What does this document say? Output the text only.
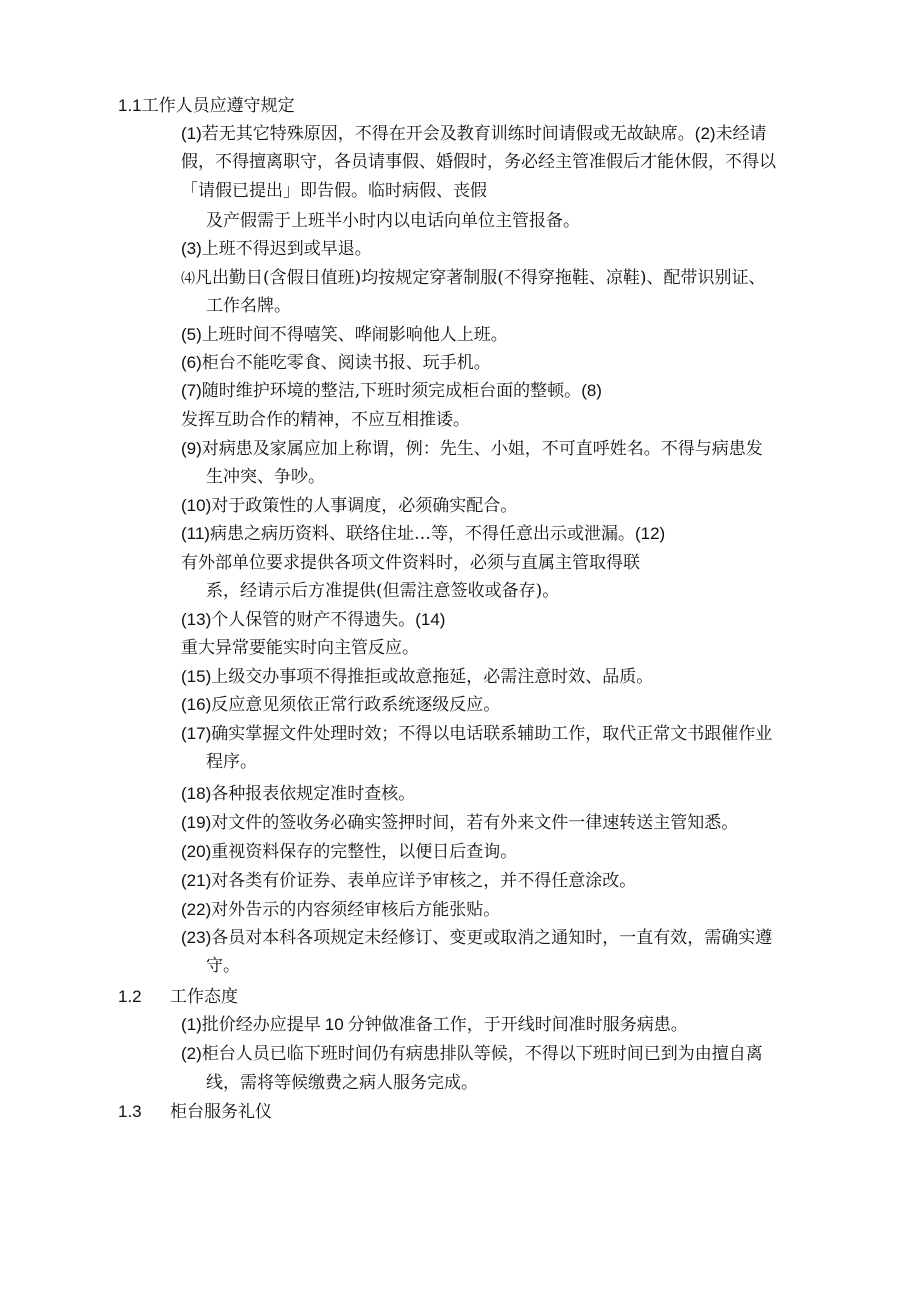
1.1工作人员应遵守规定
(1)若无其它特殊原因，不得在开会及教育训练时间请假或无故缺席。(2)未经请
假，不得擅离职守，各员请事假、婚假时，务必经主管准假后才能休假，不得以
「请假已提出」即告假。临时病假、丧假
及产假需于上班半小时内以电话向单位主管报备。
(3)上班不得迟到或早退。
⑷凡出勤日(含假日值班)均按规定穿著制服(不得穿拖鞋、凉鞋)、配带识别证、
工作名牌。
(5)上班时间不得嘻笑、哗闹影响他人上班。
(6)柜台不能吃零食、阅读书报、玩手机。
(7)随时维护环境的整洁,下班时须完成柜台面的整顿。(8)
发挥互助合作的精神，不应互相推诿。
(9)对病患及家属应加上称谓，例：先生、小姐，不可直呼姓名。不得与病患发
生冲突、争吵。
(10)对于政策性的人事调度，必须确实配合。
(11)病患之病历资料、联络住址…等，不得任意出示或泄漏。(12)
有外部单位要求提供各项文件资料时，必须与直属主管取得联
系，经请示后方准提供(但需注意签收或备存)。
(13)个人保管的财产不得遗失。(14)
重大异常要能实时向主管反应。
(15)上级交办事项不得推拒或故意拖延，必需注意时效、品质。
(16)反应意见须依正常行政系统逐级反应。
(17)确实掌握文件处理时效；不得以电话联系辅助工作，取代正常文书跟催作业
程序。
(18)各种报表依规定准时查核。
(19)对文件的签收务必确实签押时间，若有外来文件一律速转送主管知悉。
(20)重视资料保存的完整性，以便日后查询。
(21)对各类有价证券、表单应详予审核之，并不得任意涂改。
(22)对外告示的内容须经审核后方能张贴。
(23)各员对本科各项规定未经修订、变更或取消之通知时，一直有效，需确实遵
守。
1.2 工作态度
(1)批价经办应提早 10 分钟做准备工作，于开线时间准时服务病患。
(2)柜台人员已临下班时间仍有病患排队等候，不得以下班时间已到为由擅自离
线，需将等候缴费之病人服务完成。
1.3 柜台服务礼仪
